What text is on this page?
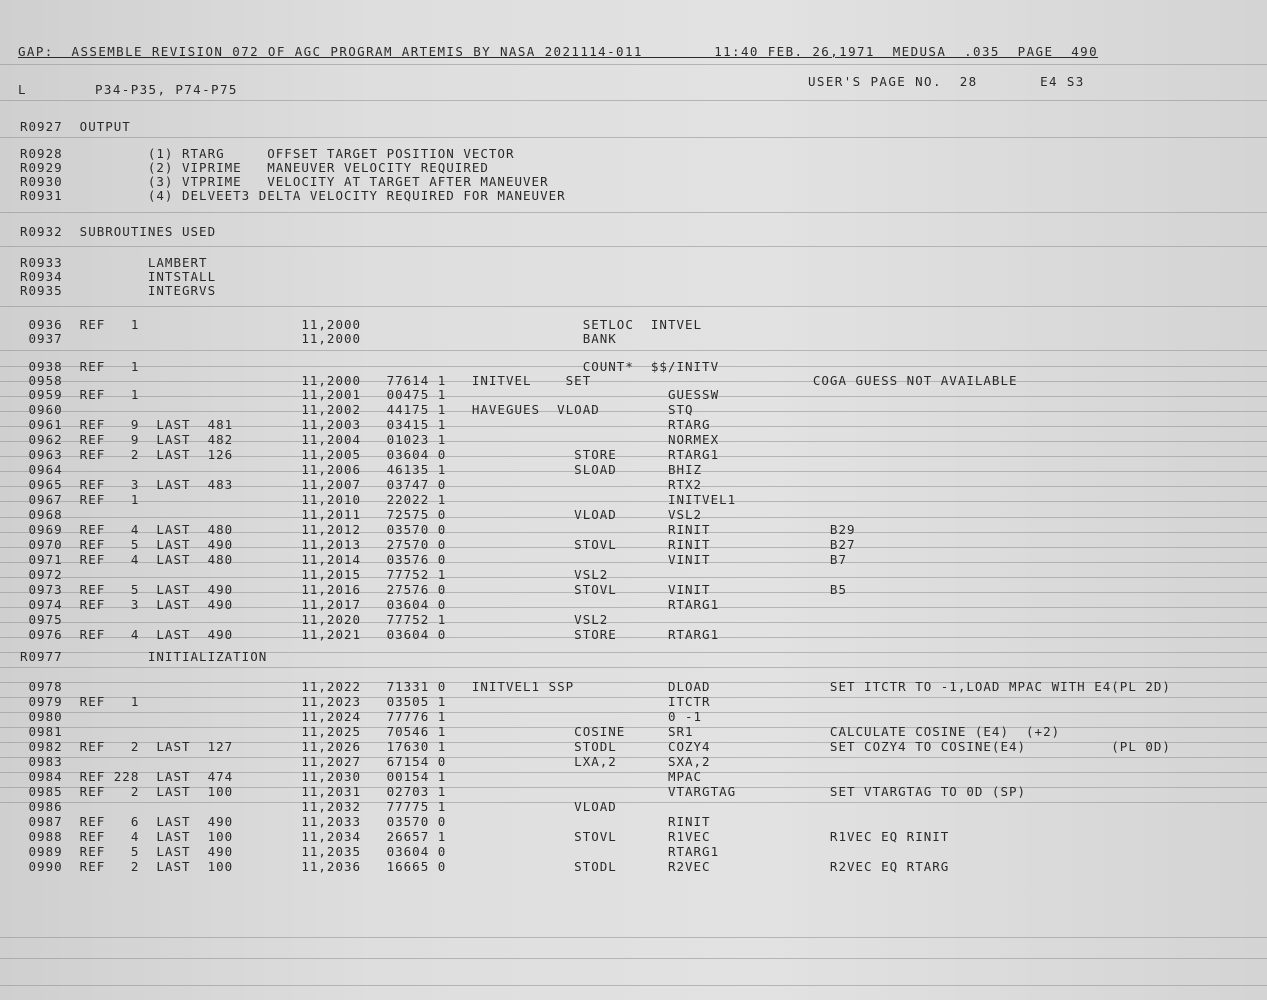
GAP:  ASSEMBLE REVISION 072 OF AGC PROGRAM ARTEMIS BY NASA 2021114-011        11:40 FEB. 26,1971  MEDUSA  .035  PAGE  490
L	P34-P35, P74-P75
USER'S PAGE NO.  28       E4 S3
R0927  OUTPUT
R0928          (1) RTARG     OFFSET TARGET POSITION VECTOR
R0929          (2) VIPRIME   MANEUVER VELOCITY REQUIRED
R0930          (3) VTPRIME   VELOCITY AT TARGET AFTER MANEUVER
R0931          (4) DELVEET3 DELTA VELOCITY REQUIRED FOR MANEUVER
R0932  SUBROUTINES USED
R0933          LAMBERT
R0934          INTSTALL
R0935          INTEGRVS
0936  REF   1                   11,2000                          SETLOC  INTVEL
0937                            11,2000                          BANK
0938  REF   1                                                    COUNT*  $$/INITV
0958                            11,2000   77614 1   INITVEL    SET                          COGA GUESS NOT AVAILABLE
0959  REF   1                   11,2001   00475 1                          GUESSW
0960                            11,2002   44175 1   HAVEGUES  VLOAD        STQ
0961  REF   9  LAST  481        11,2003   03415 1                          RTARG
0962  REF   9  LAST  482        11,2004   01023 1                          NORMEX
0963  REF   2  LAST  126        11,2005   03604 0               STORE      RTARG1
0964                            11,2006   46135 1               SLOAD      BHIZ
0965  REF   3  LAST  483        11,2007   03747 0                          RTX2
0967  REF   1                   11,2010   22022 1                          INITVEL1
0968                            11,2011   72575 0               VLOAD      VSL2
0969  REF   4  LAST  480        11,2012   03570 0                          RINIT              B29
0970  REF   5  LAST  490        11,2013   27570 0               STOVL      RINIT              B27
0971  REF   4  LAST  480        11,2014   03576 0                          VINIT              B7
0972                            11,2015   77752 1               VSL2
0973  REF   5  LAST  490        11,2016   27576 0               STOVL      VINIT              B5
0974  REF   3  LAST  490        11,2017   03604 0                          RTARG1
0975                            11,2020   77752 1               VSL2
0976  REF   4  LAST  490        11,2021   03604 0               STORE      RTARG1
R0977          INITIALIZATION
0978                            11,2022   71331 0   INITVEL1 SSP           DLOAD              SET ITCTR TO -1,LOAD MPAC WITH E4(PL 2D)
0979  REF   1                   11,2023   03505 1                          ITCTR
0980                            11,2024   77776 1                          0 -1
0981                            11,2025   70546 1               COSINE     SR1                CALCULATE COSINE (E4)  (+2)
0982  REF   2  LAST  127        11,2026   17630 1               STODL      COZY4              SET COZY4 TO COSINE(E4)          (PL 0D)
0983                            11,2027   67154 0               LXA,2      SXA,2
0984  REF 228  LAST  474        11,2030   00154 1                          MPAC
0985  REF   2  LAST  100        11,2031   02703 1                          VTARGTAG           SET VTARGTAG TO 0D (SP)
0986                            11,2032   77775 1               VLOAD
0987  REF   6  LAST  490        11,2033   03570 0                          RINIT
0988  REF   4  LAST  100        11,2034   26657 1               STOVL      R1VEC              R1VEC EQ RINIT
0989  REF   5  LAST  490        11,2035   03604 0                          RTARG1
0990  REF   2  LAST  100        11,2036   16665 0               STODL      R2VEC              R2VEC EQ RTARG
